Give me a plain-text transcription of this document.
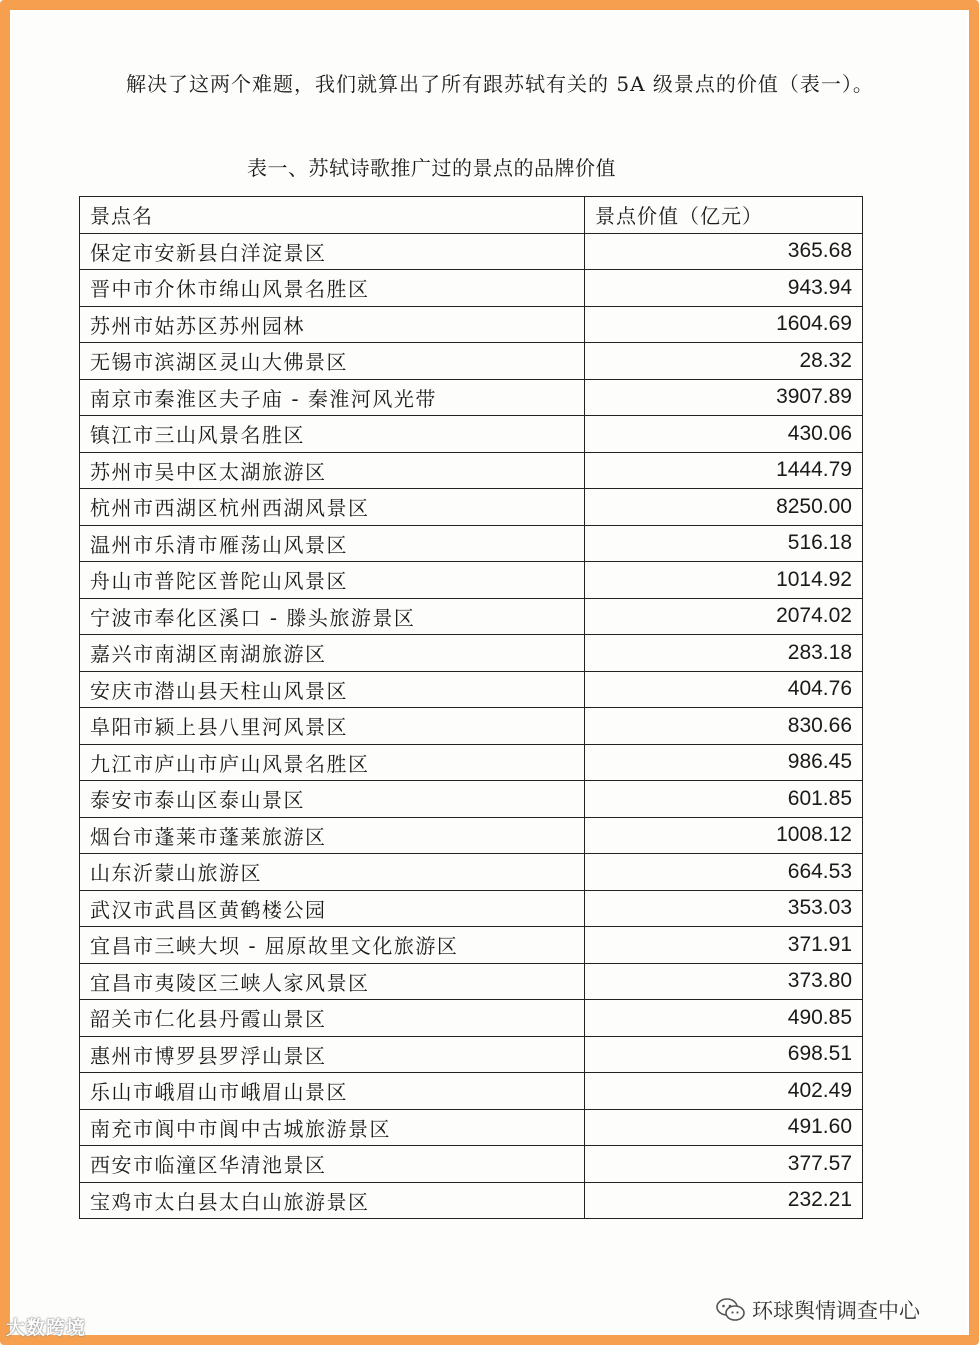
解决了这两个难题，我们就算出了所有跟苏轼有关的 5A 级景点的价值（表一）。
表一、苏轼诗歌推广过的景点的品牌价值
景点名	景点价值（亿元）
保定市安新县白洋淀景区	365.68
晋中市介休市绵山风景名胜区	943.94
苏州市姑苏区苏州园林	1604.69
无锡市滨湖区灵山大佛景区	28.32
南京市秦淮区夫子庙 - 秦淮河风光带	3907.89
镇江市三山风景名胜区	430.06
苏州市吴中区太湖旅游区	1444.79
杭州市西湖区杭州西湖风景区	8250.00
温州市乐清市雁荡山风景区	516.18
舟山市普陀区普陀山风景区	1014.92
宁波市奉化区溪口 - 滕头旅游景区	2074.02
嘉兴市南湖区南湖旅游区	283.18
安庆市潜山县天柱山风景区	404.76
阜阳市颍上县八里河风景区	830.66
九江市庐山市庐山风景名胜区	986.45
泰安市泰山区泰山景区	601.85
烟台市蓬莱市蓬莱旅游区	1008.12
山东沂蒙山旅游区	664.53
武汉市武昌区黄鹤楼公园	353.03
宜昌市三峡大坝 - 屈原故里文化旅游区	371.91
宜昌市夷陵区三峡人家风景区	373.80
韶关市仁化县丹霞山景区	490.85
惠州市博罗县罗浮山景区	698.51
乐山市峨眉山市峨眉山景区	402.49
南充市阆中市阆中古城旅游景区	491.60
西安市临潼区华清池景区	377.57
宝鸡市太白县太白山旅游景区	232.21
环球舆情调查中心
大数跨境
